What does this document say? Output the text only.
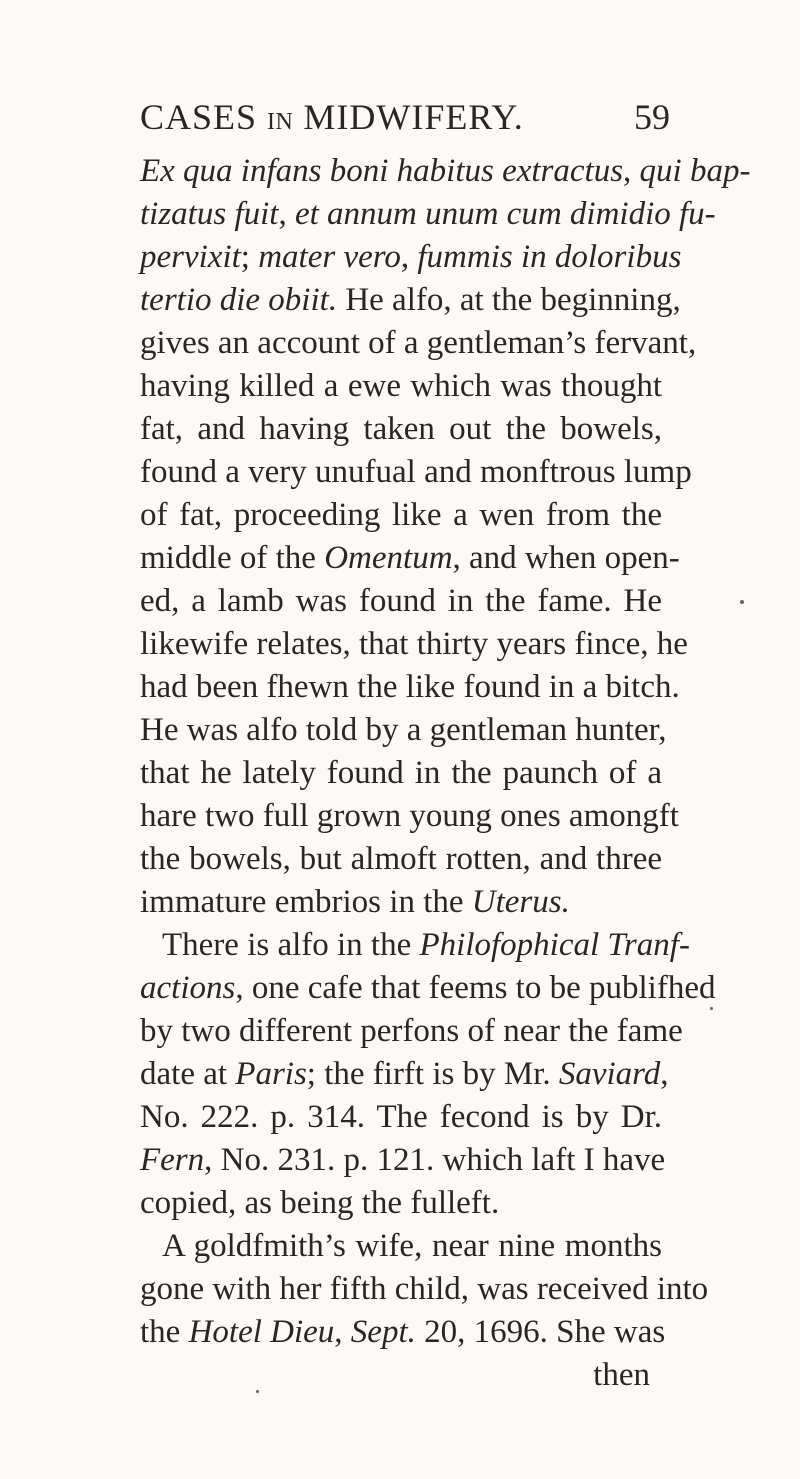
CASES IN MIDWIFERY.	59
Ex qua infans boni habitus extractus, qui bap-
tizatus fuit, et annum unum cum dimidio fu-
pervixit; mater vero, fummis in doloribus
tertio die obiit. He alfo, at the beginning,
gives an account of a gentleman’s fervant,
having killed a ewe which was thought
fat, and having taken out the bowels,
found a very unufual and monftrous lump
of fat, proceeding like a wen from the
middle of the Omentum, and when open-
ed, a lamb was found in the fame. He
likewife relates, that thirty years fince, he
had been fhewn the like found in a bitch.
He was alfo told by a gentleman hunter,
that he lately found in the paunch of a
hare two full grown young ones amongft
the bowels, but almoft rotten, and three
immature embrios in the Uterus.
There is alfo in the Philofophical Tranf-
actions, one cafe that feems to be publifhed
by two different perfons of near the fame
date at Paris; the firft is by Mr. Saviard,
No. 222. p. 314. The fecond is by Dr.
Fern, No. 231. p. 121. which laft I have
copied, as being the fulleft.
A goldfmith’s wife, near nine months
gone with her fifth child, was received into
the Hotel Dieu, Sept. 20, 1696. She was
then
